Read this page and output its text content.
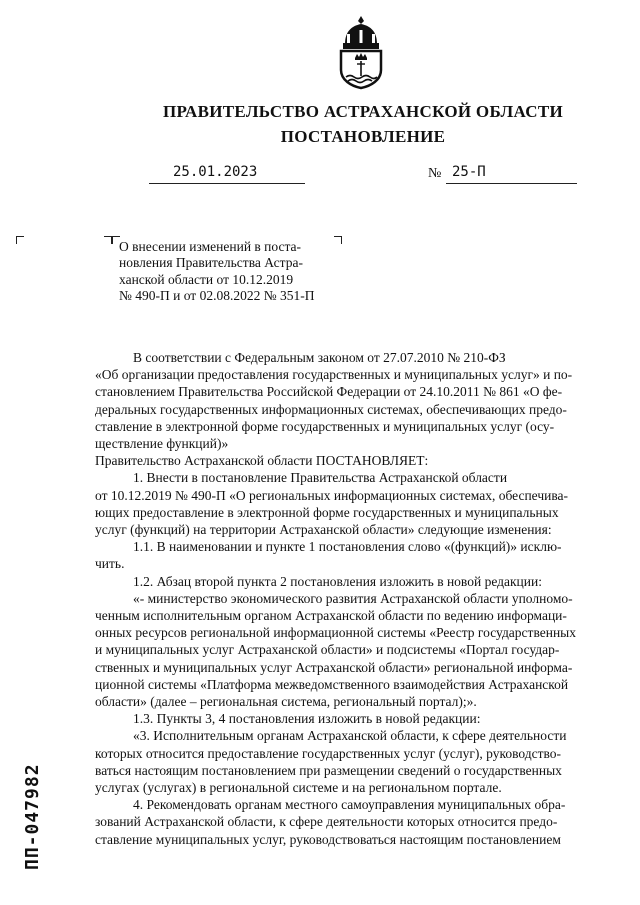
ПРАВИТЕЛЬСТВО АСТРАХАНСКОЙ ОБЛАСТИ
ПОСТАНОВЛЕНИЕ
25.01.2023	№ 25-П
О внесении изменений в поста-
новления Правительства Астра-
ханской области от 10.12.2019
№ 490-П и от 02.08.2022 № 351-П
В соответствии с Федеральным законом от 27.07.2010 № 210-ФЗ
«Об организации предоставления государственных и муниципальных услуг» и по-
становлением Правительства Российской Федерации от 24.10.2011 № 861 «О фе-
деральных государственных информационных системах, обеспечивающих предо-
ставление в электронной форме государственных и муниципальных услуг (осу-
ществление функций)»
Правительство Астраханской области ПОСТАНОВЛЯЕТ:
1. Внести в постановление Правительства Астраханской области
от 10.12.2019 № 490-П «О региональных информационных системах, обеспечива-
ющих предоставление в электронной форме государственных и муниципальных
услуг (функций) на территории Астраханской области» следующие изменения:
1.1. В наименовании и пункте 1 постановления слово «(функций)» исклю-
чить.
1.2. Абзац второй пункта 2 постановления изложить в новой редакции:
«- министерство экономического развития Астраханской области уполномо-
ченным исполнительным органом Астраханской области по ведению информаци-
онных ресурсов региональной информационной системы «Реестр государственных
и муниципальных услуг Астраханской области» и подсистемы «Портал государ-
ственных и муниципальных услуг Астраханской области» региональной информа-
ционной системы «Платформа межведомственного взаимодействия Астраханской
области» (далее – региональная система, региональный портал);».
1.3. Пункты 3, 4 постановления изложить в новой редакции:
«3. Исполнительным органам Астраханской области, к сфере деятельности
которых относится предоставление государственных услуг (услуг), руководство-
ваться настоящим постановлением при размещении сведений о государственных
услугах (услугах) в региональной системе и на региональном портале.
4. Рекомендовать органам местного самоуправления муниципальных обра-
зований Астраханской области, к сфере деятельности которых относится предо-
ставление муниципальных услуг, руководствоваться настоящим постановлением
ПП-047982
